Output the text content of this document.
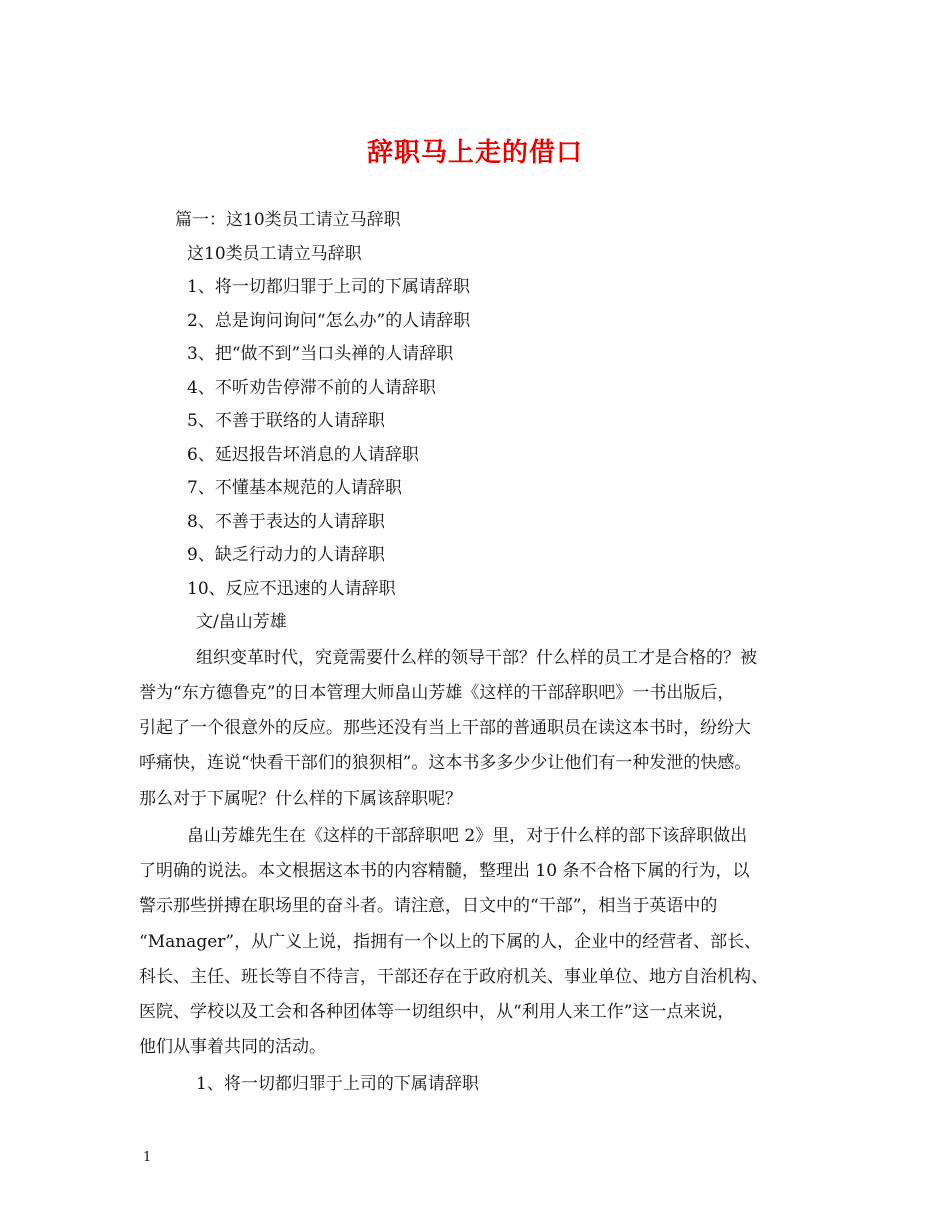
辞职马上走的借口
篇一：这10类员工请立马辞职
这10类员工请立马辞职
1、将一切都归罪于上司的下属请辞职
2、总是询问询问“怎么办”的人请辞职
3、把“做不到”当口头禅的人请辞职
4、不听劝告停滞不前的人请辞职
5、不善于联络的人请辞职
6、延迟报告坏消息的人请辞职
7、不懂基本规范的人请辞职
8、不善于表达的人请辞职
9、缺乏行动力的人请辞职
10、反应不迅速的人请辞职
文/畠山芳雄
组织变革时代，究竟需要什么样的领导干部？什么样的员工才是合格的？被
誉为“东方德鲁克”的日本管理大师畠山芳雄《这样的干部辞职吧》一书出版后，
引起了一个很意外的反应。那些还没有当上干部的普通职员在读这本书时，纷纷大
呼痛快，连说“快看干部们的狼狈相”。这本书多多少少让他们有一种发泄的快感。
那么对于下属呢？什么样的下属该辞职呢？
畠山芳雄先生在《这样的干部辞职吧 2》里，对于什么样的部下该辞职做出
了明确的说法。本文根据这本书的内容精髓，整理出 10 条不合格下属的行为，以
警示那些拼搏在职场里的奋斗者。请注意，日文中的“干部”，相当于英语中的
“Manager”，从广义上说，指拥有一个以上的下属的人，企业中的经营者、部长、
科长、主任、班长等自不待言，干部还存在于政府机关、事业单位、地方自治机构、
医院、学校以及工会和各种团体等一切组织中，从“利用人来工作”这一点来说，
他们从事着共同的活动。
1、将一切都归罪于上司的下属请辞职
1
